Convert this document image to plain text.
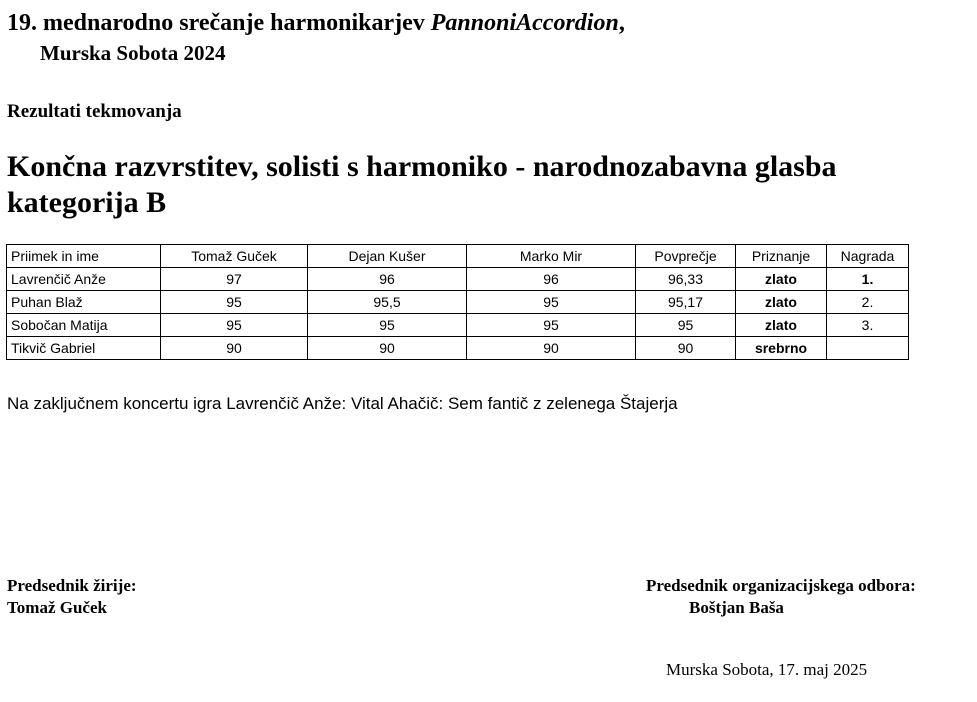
19. mednarodno srečanje harmonikarjev PannoniAccordion,
Murska Sobota 2024
Rezultati tekmovanja
Končna razvrstitev, solisti s harmoniko - narodnozabavna glasba
kategorija B
Priimek in ime	Tomaž Guček	Dejan Kušer	Marko Mir	Povprečje	Priznanje	Nagrada
Lavrenčič Anže	97	96	96	96,33	zlato	1.
Puhan Blaž	95	95,5	95	95,17	zlato	2.
Sobočan Matija	95	95	95	95	zlato	3.
Tikvič Gabriel	90	90	90	90	srebrno	
Na zaključnem koncertu igra Lavrenčič Anže: Vital Ahačič: Sem fantič z zelenega Štajerja
Predsednik žirije:
Tomaž Guček
Predsednik organizacijskega odbora:
Boštjan Baša
Murska Sobota, 17. maj 2025
